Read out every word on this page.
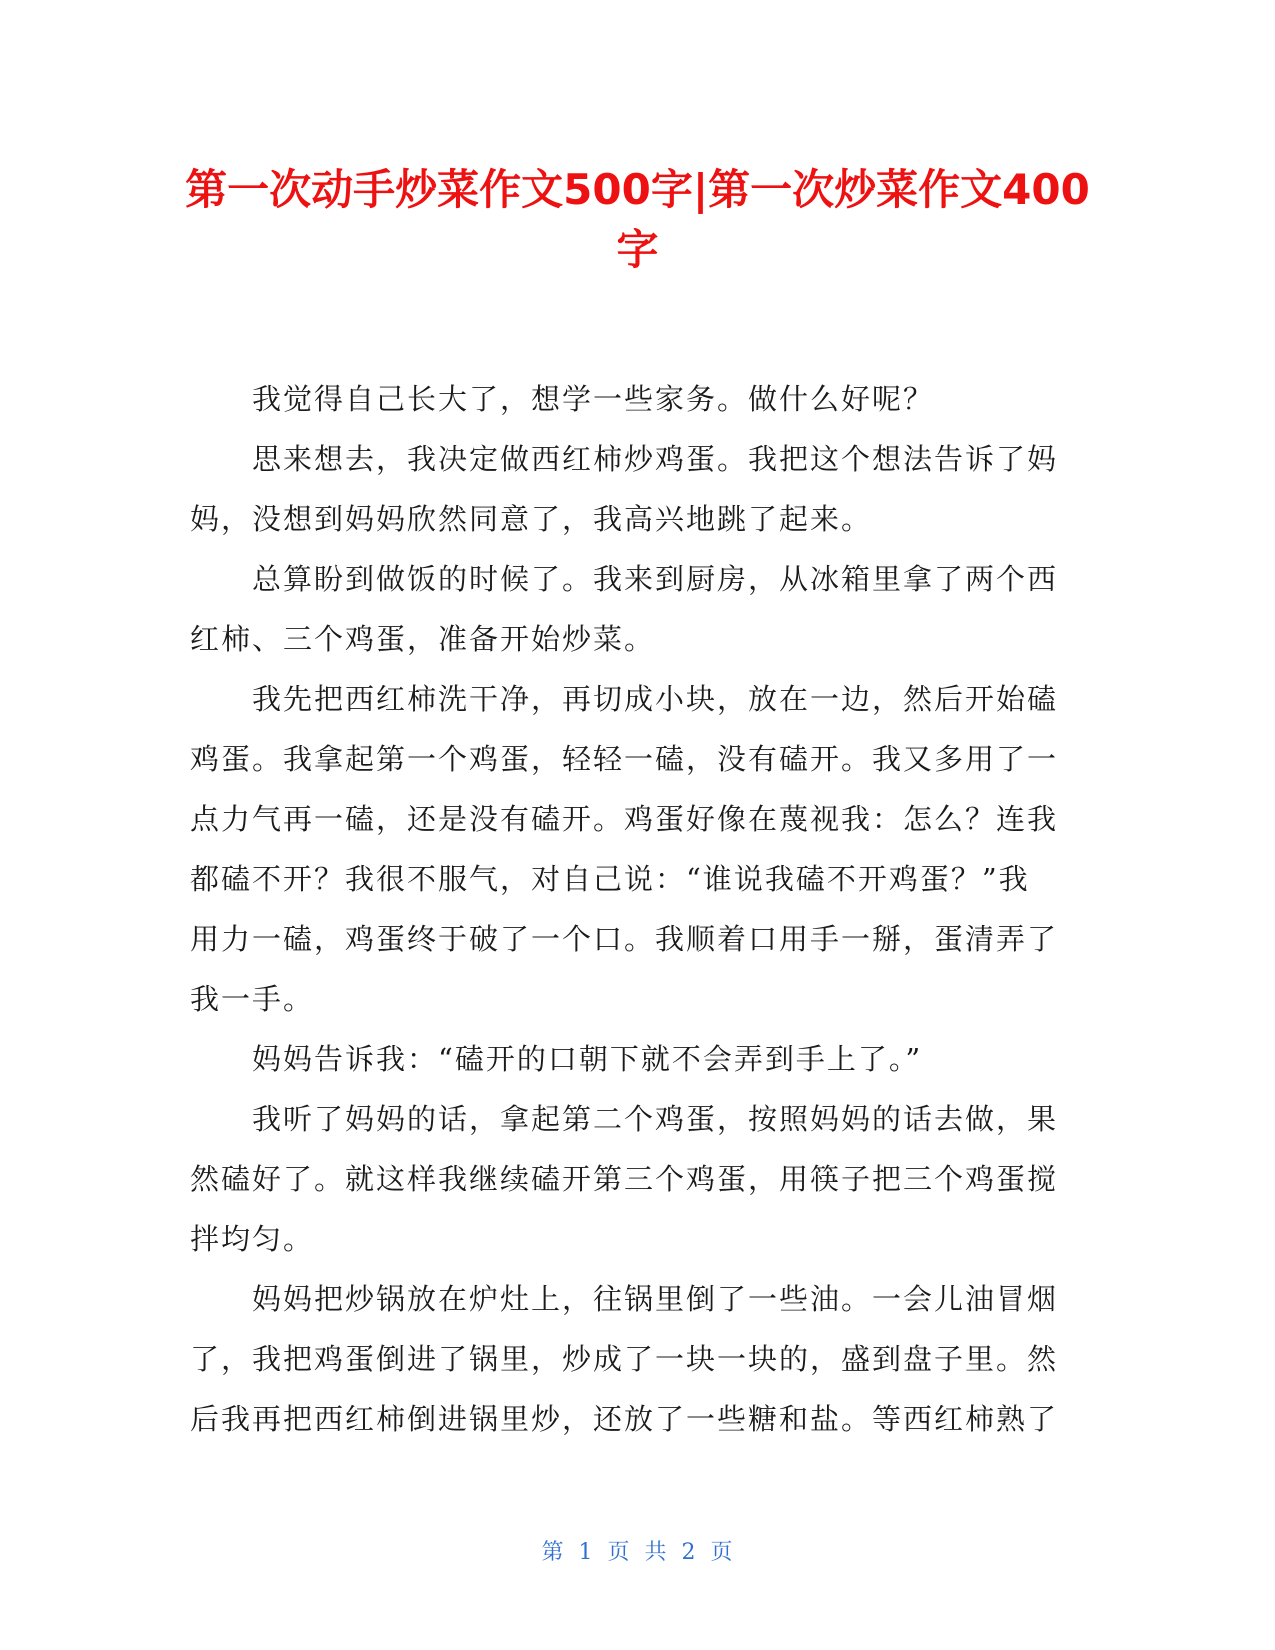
第一次动手炒菜作文500字|第一次炒菜作文400字

我觉得自己长大了，想学一些家务。做什么好呢？

思来想去，我决定做西红柿炒鸡蛋。我把这个想法告诉了妈妈，没想到妈妈欣然同意了，我高兴地跳了起来。

总算盼到做饭的时候了。我来到厨房，从冰箱里拿了两个西红柿、三个鸡蛋，准备开始炒菜。

我先把西红柿洗干净，再切成小块，放在一边，然后开始磕鸡蛋。我拿起第一个鸡蛋，轻轻一磕，没有磕开。我又多用了一点力气再一磕，还是没有磕开。鸡蛋好像在蔑视我：怎么？连我都磕不开？我很不服气，对自己说：“谁说我磕不开鸡蛋？”我用力一磕，鸡蛋终于破了一个口。我顺着口用手一掰，蛋清弄了我一手。

妈妈告诉我：“磕开的口朝下就不会弄到手上了。”

我听了妈妈的话，拿起第二个鸡蛋，按照妈妈的话去做，果然磕好了。就这样我继续磕开第三个鸡蛋，用筷子把三个鸡蛋搅拌均匀。

妈妈把炒锅放在炉灶上，往锅里倒了一些油。一会儿油冒烟了，我把鸡蛋倒进了锅里，炒成了一块一块的，盛到盘子里。然后我再把西红柿倒进锅里炒，还放了一些糖和盐。等西红柿熟了

第 1 页 共 2 页
